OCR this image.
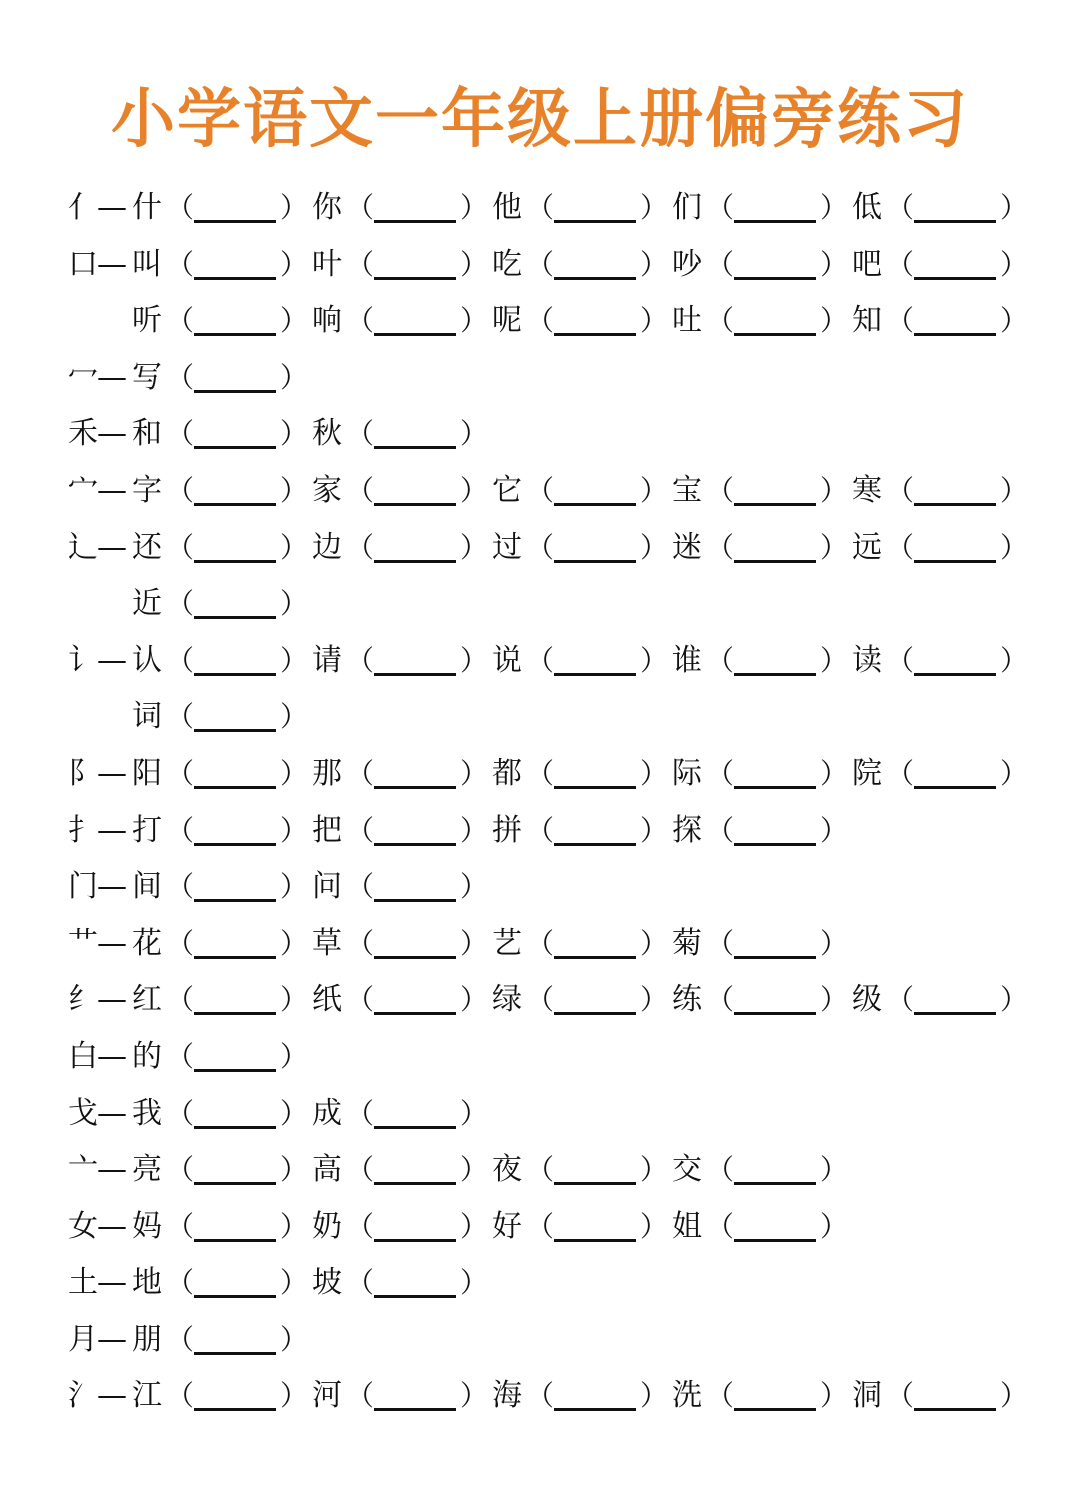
小学语文一年级上册偏旁练习
亻 — 什 （	） 你 （	） 他 （	） 们 （	） 低 （	）
口 — 叫 （	） 叶 （	） 吃 （	） 吵 （	） 吧 （	）
听 （	） 响 （	） 呢 （	） 吐 （	） 知 （	）
冖 — 写 （	）
禾 — 和 （	） 秋 （	）
宀 — 字 （	） 家 （	） 它 （	） 宝 （	） 寒 （	）
辶 — 还 （	） 边 （	） 过 （	） 迷 （	） 远 （	）
近 （	）
讠 — 认 （	） 请 （	） 说 （	） 谁 （	） 读 （	）
词 （	）
阝 — 阳 （	） 那 （	） 都 （	） 际 （	） 院 （	）
扌 — 打 （	） 把 （	） 拼 （	） 探 （	）
门 — 间 （	） 问 （	）
艹 — 花 （	） 草 （	） 艺 （	） 菊 （	）
纟 — 红 （	） 纸 （	） 绿 （	） 练 （	） 级 （	）
白 — 的 （	）
戈 — 我 （	） 成 （	）
亠 — 亮 （	） 高 （	） 夜 （	） 交 （	）
女 — 妈 （	） 奶 （	） 好 （	） 姐 （	）
土 — 地 （	） 坡 （	）
月 — 朋 （	）
氵 — 江 （	） 河 （	） 海 （	） 洗 （	） 洞 （	）
